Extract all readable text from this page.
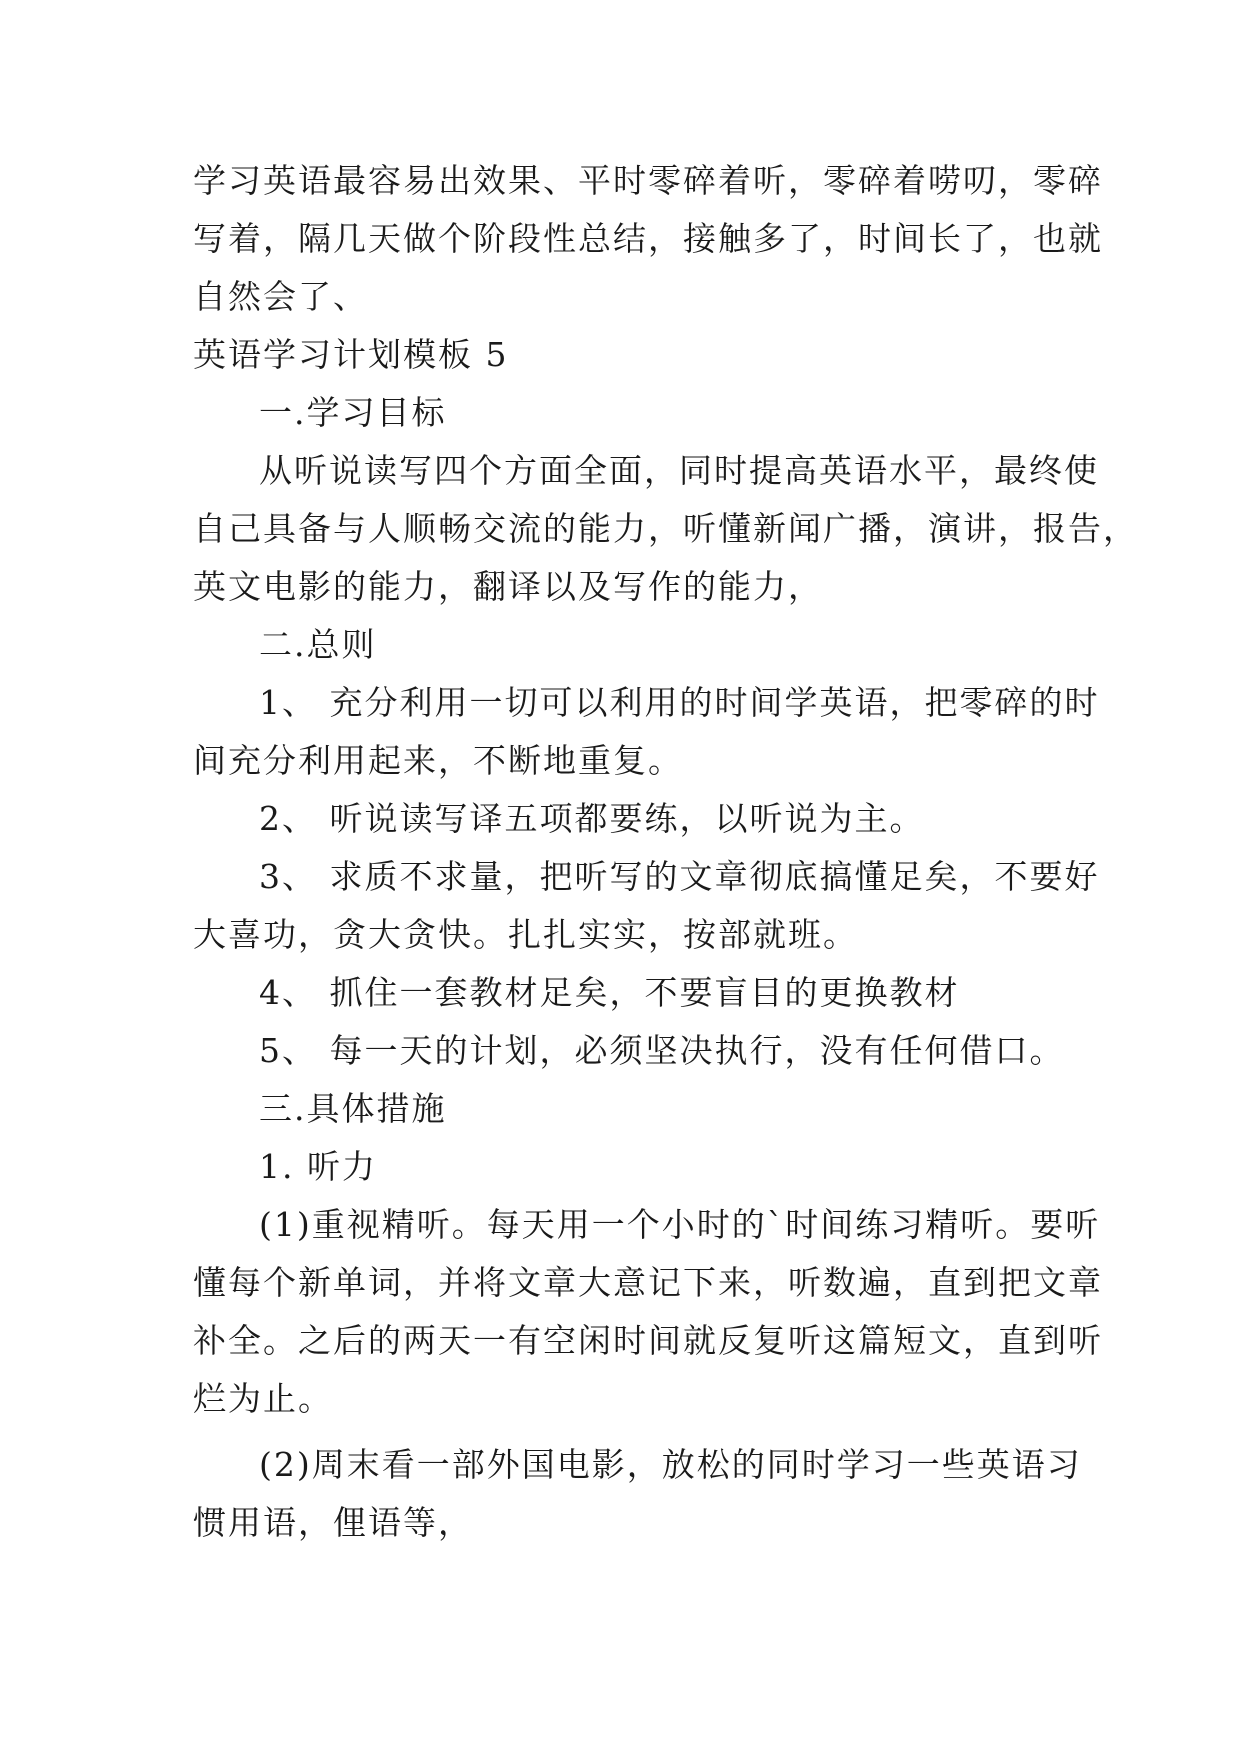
学习英语最容易出效果、平时零碎着听，零碎着唠叨，零碎

写着，隔几天做个阶段性总结，接触多了，时间长了，也就

自然会了、

英语学习计划模板 5

一.学习目标

从听说读写四个方面全面，同时提高英语水平，最终使

自己具备与人顺畅交流的能力，听懂新闻广播，演讲，报告，

英文电影的能力，翻译以及写作的能力，

二.总则

1、 充分利用一切可以利用的时间学英语，把零碎的时

间充分利用起来，不断地重复。

2、 听说读写译五项都要练，以听说为主。

3、 求质不求量，把听写的文章彻底搞懂足矣，不要好

大喜功，贪大贪快。扎扎实实，按部就班。

4、 抓住一套教材足矣，不要盲目的更换教材

5、 每一天的计划，必须坚决执行，没有任何借口。

三.具体措施

1. 听力

(1)重视精听。每天用一个小时的`时间练习精听。要听

懂每个新单词，并将文章大意记下来，听数遍，直到把文章

补全。之后的两天一有空闲时间就反复听这篇短文，直到听

烂为止。

(2)周末看一部外国电影，放松的同时学习一些英语习

惯用语，俚语等，
